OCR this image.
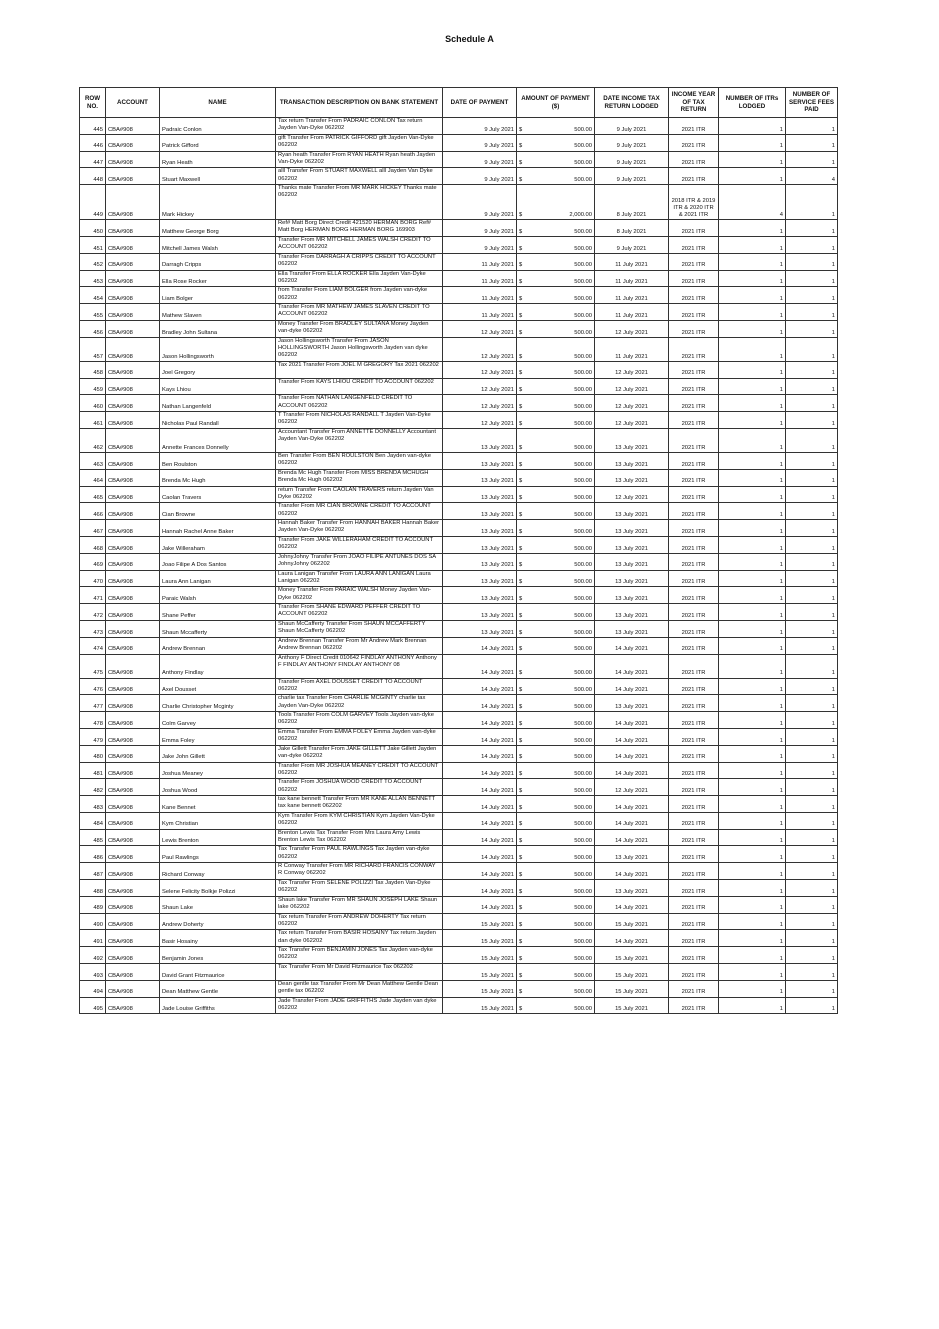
Schedule A
ROW NO.	ACCOUNT	NAME	TRANSACTION DESCRIPTION ON BANK STATEMENT	DATE OF PAYMENT	AMOUNT OF PAYMENT ($)	DATE INCOME TAX RETURN LODGED	INCOME YEAR OF TAX RETURN	NUMBER OF ITRs LODGED	NUMBER OF SERVICE FEES PAID
445	CBA#908	Padraic Conlon	Tax return Transfer From PADRAIC CONLON Tax return Jayden Van-Dyke 062202	9 July 2021	$ 500.00	9 July 2021	2021 ITR	1	1
446	CBA#908	Patrick Gifford	gift Transfer From PATRICK GIFFORD gift Jayden Van-Dyke 062202	9 July 2021	$ 500.00	9 July 2021	2021 ITR	1	1
447	CBA#908	Ryan Heath	Ryan heath Transfer From RYAN HEATH Ryan heath Jayden Van-Dyke 062202	9 July 2021	$ 500.00	9 July 2021	2021 ITR	1	1
448	CBA#908	Stuart Maxwell	alll Transfer From STUART MAXWELL alll Jayden Van Dyke 062202	9 July 2021	$ 500.00	9 July 2021	2021 ITR	1	4
449	CBA#908	Mark Hickey	Thanks mate Transfer From MR MARK HICKEY Thanks mate 062202	9 July 2021	$ 2,000.00	8 July 2021	2018 ITR & 2019 ITR & 2020 ITR & 2021 ITR	4	1
450	CBA#908	Matthew George Borg	Ref# Matt Borg Direct Credit 421520 HERMAN BORG Ref# Matt Borg HERMAN BORG HERMAN BORG 169903	9 July 2021	$ 500.00	8 July 2021	2021 ITR	1	1
451	CBA#908	Mitchell James Walsh	Transfer From MR MITCHELL JAMES WALSH CREDIT TO ACCOUNT 062202	9 July 2021	$ 500.00	9 July 2021	2021 ITR	1	1
452	CBA#908	Darragh Cripps	Transfer From DARRAGH A CRIPPS CREDIT TO ACCOUNT 062202	11 July 2021	$ 500.00	11 July 2021	2021 ITR	1	1
453	CBA#908	Ella Rose Rocker	Ella Transfer From ELLA ROCKER Ella Jayden Van-Dyke 062202	11 July 2021	$ 500.00	11 July 2021	2021 ITR	1	1
454	CBA#908	Liam Bolger	from Transfer From LIAM BOLGER from Jayden van-dyke 062202	11 July 2021	$ 500.00	11 July 2021	2021 ITR	1	1
455	CBA#908	Mathew Slaven	Transfer From MR MATHEW JAMES SLAVEN CREDIT TO ACCOUNT 062202	11 July 2021	$ 500.00	11 July 2021	2021 ITR	1	1
456	CBA#908	Bradley John Sultana	Money Transfer From BRADLEY SULTANA Money Jayden van-dyke 062202	12 July 2021	$ 500.00	12 July 2021	2021 ITR	1	1
457	CBA#908	Jason Hollingsworth	Jason Hollingsworth Transfer From JASON HOLLINGSWORTH Jason Hollingsworth Jayden van dyke 062202	12 July 2021	$ 500.00	11 July 2021	2021 ITR	1	1
458	CBA#908	Joel Gregory	Tax 2021 Transfer From JOEL M GREGORY Tax 2021 062202	12 July 2021	$ 500.00	12 July 2021	2021 ITR	1	1
459	CBA#908	Kays Lhiou	Transfer From KAYS LHIOU CREDIT TO ACCOUNT 062202	12 July 2021	$ 500.00	12 July 2021	2021 ITR	1	1
460	CBA#908	Nathan Langenfeld	Transfer From NATHAN LANGENFELD CREDIT TO ACCOUNT 062202	12 July 2021	$ 500.00	12 July 2021	2021 ITR	1	1
461	CBA#908	Nicholas Paul Randall	T Transfer From NICHOLAS RANDALL T Jayden Van-Dyke 062202	12 July 2021	$ 500.00	12 July 2021	2021 ITR	1	1
462	CBA#908	Annette Frances Donnelly	Accountant Transfer From ANNETTE DONNELLY Accountant Jayden Van-Dyke 062202	13 July 2021	$ 500.00	13 July 2021	2021 ITR	1	1
463	CBA#908	Ben Roulston	Ben Transfer From BEN ROULSTON Ben Jayden van-dyke 062202	13 July 2021	$ 500.00	13 July 2021	2021 ITR	1	1
464	CBA#908	Brenda Mc Hugh	Brenda Mc Hugh Transfer From MISS BRENDA MCHUGH Brenda Mc Hugh 062202	13 July 2021	$ 500.00	13 July 2021	2021 ITR	1	1
465	CBA#908	Caolan Travers	return Transfer From CAOLAN TRAVERS return Jayden Van Dyke 062202	13 July 2021	$ 500.00	12 July 2021	2021 ITR	1	1
466	CBA#908	Cian Browne	Transfer From MR CIAN BROWNE CREDIT TO ACCOUNT 062202	13 July 2021	$ 500.00	13 July 2021	2021 ITR	1	1
467	CBA#908	Hannah Rachel Anne Baker	Hannah Baker Transfer From HANNAH BAKER Hannah Baker Jayden Van-Dyke 062202	13 July 2021	$ 500.00	13 July 2021	2021 ITR	1	1
468	CBA#908	Jake Willeraham	Transfer From JAKE WILLERAHAM CREDIT TO ACCOUNT 062202	13 July 2021	$ 500.00	13 July 2021	2021 ITR	1	1
469	CBA#908	Joao Filipe A Dos Santos	JohnyJohny Transfer From JOAO FILIPE ANTUNES DOS SA JohnyJohny 062202	13 July 2021	$ 500.00	13 July 2021	2021 ITR	1	1
470	CBA#908	Laura Ann Lanigan	Laura Lanigan Transfer From LAURA ANN LANIGAN Laura Lanigan 062202	13 July 2021	$ 500.00	13 July 2021	2021 ITR	1	1
471	CBA#908	Paraic Walsh	Money Transfer From PARAIC WALSH Money Jayden Van-Dyke 062202	13 July 2021	$ 500.00	13 July 2021	2021 ITR	1	1
472	CBA#908	Shane Peffer	Transfer From SHANE EDWARD PEFFER CREDIT TO ACCOUNT 062202	13 July 2021	$ 500.00	13 July 2021	2021 ITR	1	1
473	CBA#908	Shaun Mccafferty	Shaun McCafferty Transfer From SHAUN MCCAFFERTY Shaun McCafferty 062202	13 July 2021	$ 500.00	13 July 2021	2021 ITR	1	1
474	CBA#908	Andrew Brennan	Andrew Brennan Transfer From Mr Andrew Mark Brennan Andrew Brennan 062202	14 July 2021	$ 500.00	14 July 2021	2021 ITR	1	1
475	CBA#908	Anthony Findlay	Anthony F Direct Credit 010642 FINDLAY ANTHONY Anthony F FINDLAY ANTHONY FINDLAY ANTHONY 08	14 July 2021	$ 500.00	14 July 2021	2021 ITR	1	1
476	CBA#908	Axel Dousset	Transfer From AXEL DOUSSET CREDIT TO ACCOUNT 062202	14 July 2021	$ 500.00	14 July 2021	2021 ITR	1	1
477	CBA#908	Charlie Christopher Mcginty	charlie tax Transfer From CHARLIE MCGINTY charlie tax Jayden Van-Dyke 062202	14 July 2021	$ 500.00	13 July 2021	2021 ITR	1	1
478	CBA#908	Colm Garvey	Tools Transfer From COLM GARVEY Tools Jayden van-dyke 062202	14 July 2021	$ 500.00	14 July 2021	2021 ITR	1	1
479	CBA#908	Emma Foley	Emma Transfer From EMMA FOLEY Emma Jayden van-dyke 062202	14 July 2021	$ 500.00	14 July 2021	2021 ITR	1	1
480	CBA#908	Jake John Gillett	Jake Gillett Transfer From JAKE GILLETT Jake Gillett Jayden van-dyke 062202	14 July 2021	$ 500.00	14 July 2021	2021 ITR	1	1
481	CBA#908	Joshua Meaney	Transfer From MR JOSHUA MEANEY CREDIT TO ACCOUNT 062202	14 July 2021	$ 500.00	14 July 2021	2021 ITR	1	1
482	CBA#908	Joshua Wood	Transfer From JOSHUA WOOD CREDIT TO ACCOUNT 062202	14 July 2021	$ 500.00	12 July 2021	2021 ITR	1	1
483	CBA#908	Kane Bennet	tax kane bennett Transfer From MR KANE ALLAN BENNETT tax kane bennett 062202	14 July 2021	$ 500.00	14 July 2021	2021 ITR	1	1
484	CBA#908	Kym Christian	Kym Transfer From KYM CHRISTIAN Kym Jayden Van-Dyke 062202	14 July 2021	$ 500.00	14 July 2021	2021 ITR	1	1
485	CBA#908	Lewis Brenton	Brenton Lewis Tax Transfer From Mrs Laura Amy Lewis Brenton Lewis Tax 062202	14 July 2021	$ 500.00	14 July 2021	2021 ITR	1	1
486	CBA#908	Paul Rawlings	Tax Transfer From PAUL RAWLINGS Tax Jayden van-dyke 062202	14 July 2021	$ 500.00	13 July 2021	2021 ITR	1	1
487	CBA#908	Richard Conway	R Conway Transfer From MR RICHARD FRANCIS CONWAY R Conway 062202	14 July 2021	$ 500.00	14 July 2021	2021 ITR	1	1
488	CBA#908	Selene Felicity Bolkje Polizzi	Tax Transfer From SELENE POLIZZI Tax Jayden Van-Dyke 062202	14 July 2021	$ 500.00	13 July 2021	2021 ITR	1	1
489	CBA#908	Shaun Lake	Shaun lake Transfer From MR SHAUN JOSEPH LAKE Shaun lake 062202	14 July 2021	$ 500.00	14 July 2021	2021 ITR	1	1
490	CBA#908	Andrew Doherty	Tax return Transfer From ANDREW DOHERTY Tax return 062202	15 July 2021	$ 500.00	15 July 2021	2021 ITR	1	1
491	CBA#908	Basir Hosainy	Tax return Transfer From BASIR HOSAINY Tax return Jayden dan dyke 062202	15 July 2021	$ 500.00	14 July 2021	2021 ITR	1	1
492	CBA#908	Benjamin Jones	Tax Transfer From BENJAMIN JONES Tax Jayden van-dyke 062202	15 July 2021	$ 500.00	15 July 2021	2021 ITR	1	1
493	CBA#908	David Grant Fitzmaurice	Tax Transfer From Mr David Fitzmaurice Tax 062202	15 July 2021	$ 500.00	15 July 2021	2021 ITR	1	1
494	CBA#908	Dean Matthew Gentle	Dean gentle tax Transfer From Mr Dean Matthew Gentle Dean gentle tax 062202	15 July 2021	$ 500.00	15 July 2021	2021 ITR	1	1
495	CBA#908	Jade Louise Griffiths	Jade Transfer From JADE GRIFFITHS Jade Jayden van dyke 062202	15 July 2021	$ 500.00	15 July 2021	2021 ITR	1	1
